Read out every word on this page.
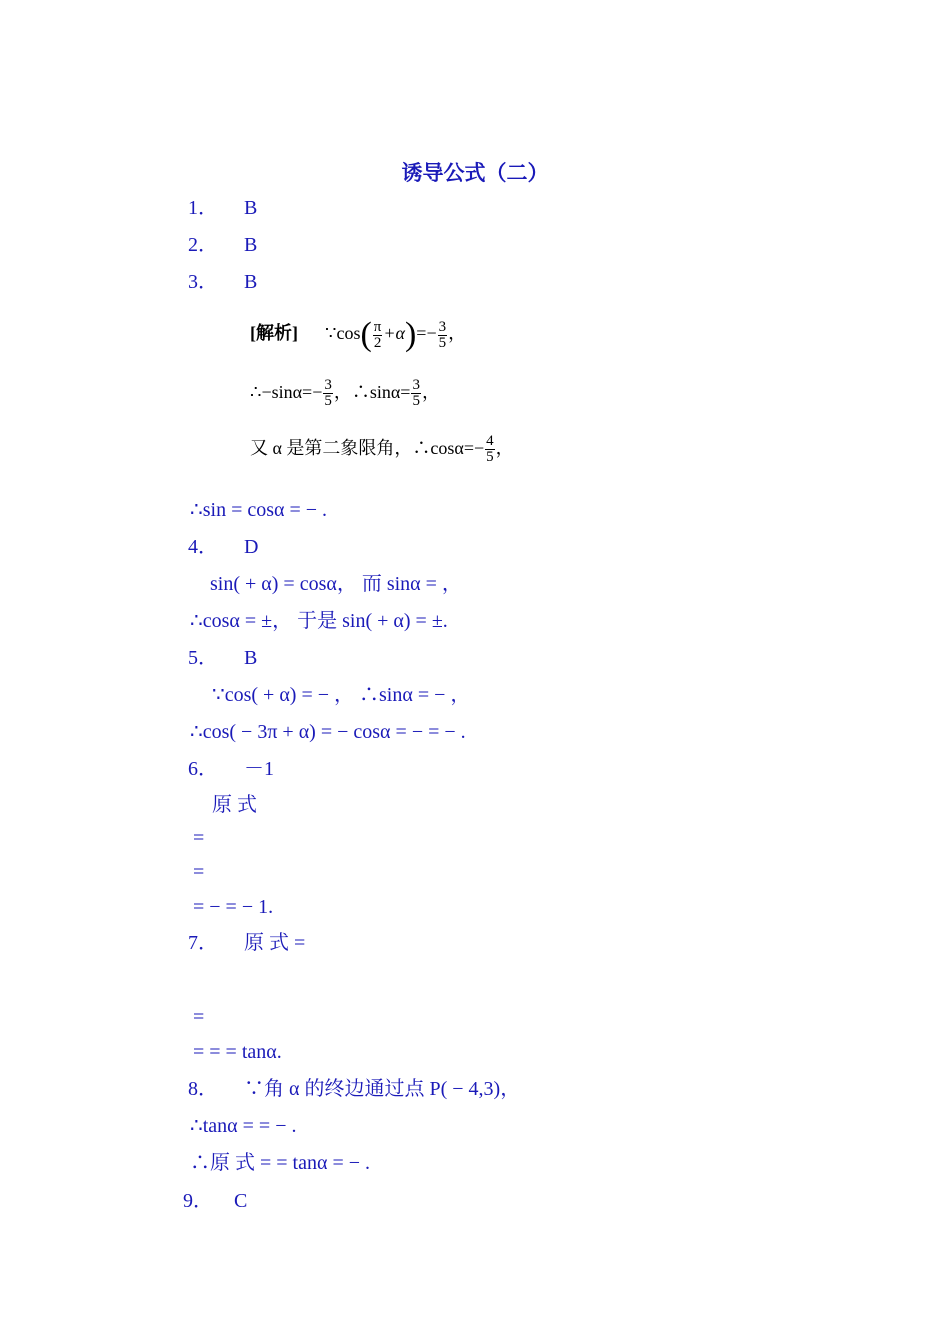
诱导公式（二）
1． B
2． B
3． B
[解析] ∵cos( $\frac{\pi}{2} +\alpha)=- \frac{3}{5}$ ，
∴−sinα=− $\frac{3}{5}$ ，∴sinα= $\frac{3}{5}$ ，
又 α 是第二象限角，∴cosα=− $\frac{4}{5}$ ，
∴sin = cosα = − .
4． D
sin( + α) = cosα， 而 sinα = ，
∴cosα = ±， 于是 sin( + α) = ±.
5． B
∵cos( + α) = − ， ∴sinα = − ，
∴cos( − 3π + α) = − cosα = − = − .
6． －1
原 式
=
=
= − = − 1.
7． 原 式 =
=
= = = tanα.
8． ∵角 α 的终边通过点 P( − 4,3)，
∴tanα = = − .
∴原 式 = = tanα = − .
9． C
